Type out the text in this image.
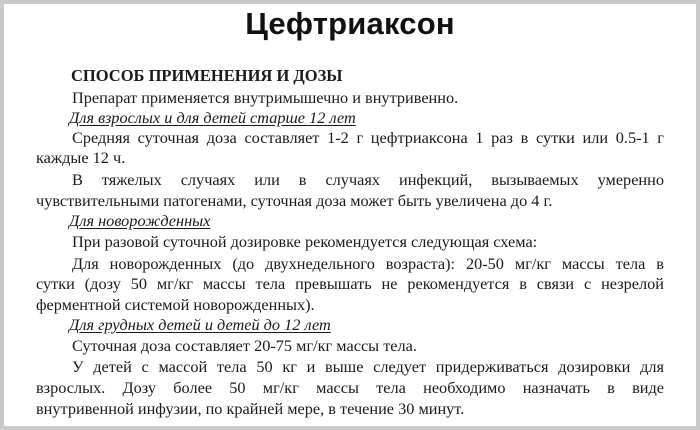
Цефтриаксон
СПОСОБ ПРИМЕНЕНИЯ И ДОЗЫ
Препарат применяется внутримышечно и внутривенно.
Для взрослых и для детей старше 12 лет
Средняя суточная доза составляет 1-2 г цефтриаксона 1 раз в сутки или 0.5-1 г
каждые 12 ч.
В тяжелых случаях или в случаях инфекций, вызываемых умеренно
чувствительными патогенами, суточная доза может быть увеличена до 4 г.
Для новорожденных
При разовой суточной дозировке рекомендуется следующая схема:
Для новорожденных (до двухнедельного возраста): 20-50 мг/кг массы тела в
сутки (дозу 50 мг/кг массы тела превышать не рекомендуется в связи с незрелой
ферментной системой новорожденных).
Для грудных детей и детей до 12 лет
Суточная доза составляет 20-75 мг/кг массы тела.
У детей с массой тела 50 кг и выше следует придерживаться дозировки для
взрослых. Дозу более 50 мг/кг массы тела необходимо назначать в виде
внутривенной инфузии, по крайней мере, в течение 30 минут.
